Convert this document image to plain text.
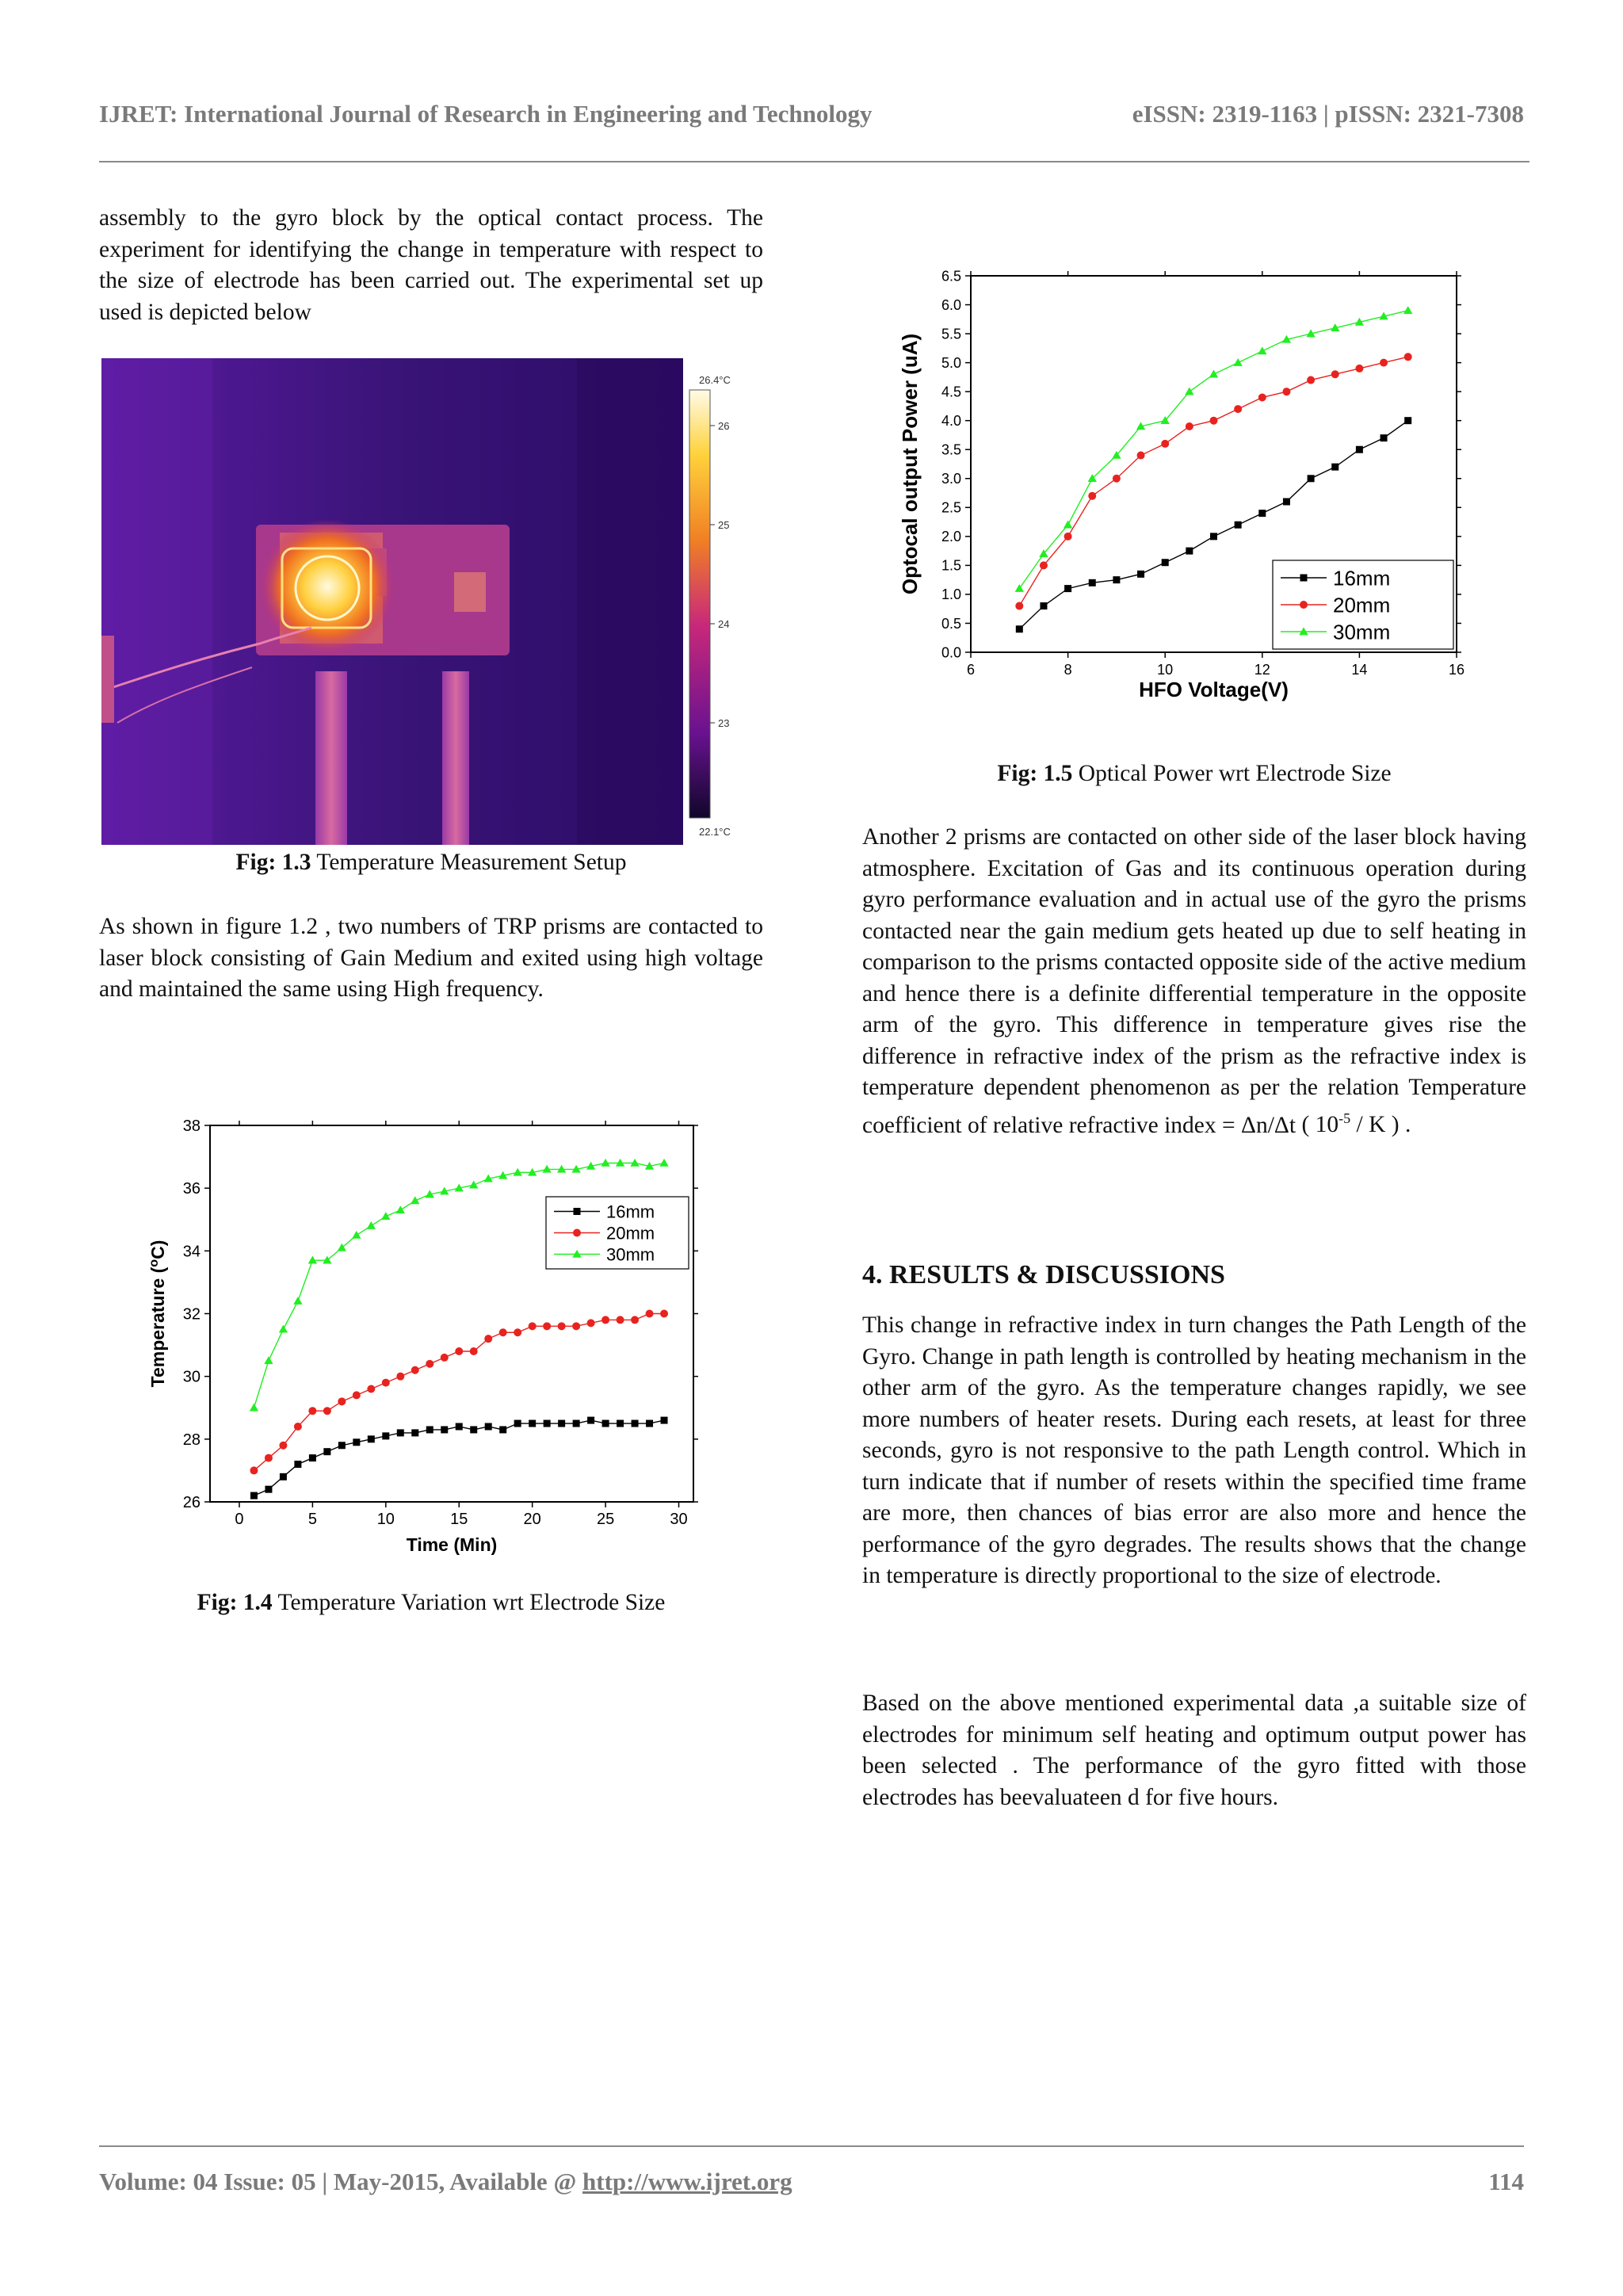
IJRET: International Journal of Research in Engineering and Technology	eISSN: 2319-1163 | pISSN: 2321-7308

assembly to the gyro block by the optical contact process. The experiment for identifying the change in temperature with respect to the size of electrode has been carried out. The experimental set up used is depicted below

26.4°C
22.1°C
26
25
24
23
Fig: 1.3 Temperature Measurement Setup

As shown in figure 1.2 , two numbers of TRP prisms are contacted to laser block consisting of Gain Medium and exited using high voltage and maintained the same using High frequency.

0	5	10	15	20	25	30
26
28
30
32
34
36
38
Time (Min)
Temperature ($^o$C)
16mm
20mm
30mm
Fig: 1.4 Temperature Variation wrt Electrode Size
6	8	10	12	14	16
0.0
0.5
1.0
1.5
2.0
2.5
3.0
3.5
4.0
4.5
5.0
5.5
6.0
6.5
HFO Voltage(V)
Optocal output Power (uA)	16mm
20mm
30mm
Fig: 1.5 Optical Power wrt Electrode Size
Another 2 prisms are contacted on other side of the laser block having atmosphere. Excitation of Gas and its continuous operation during gyro performance evaluation and in actual use of the gyro the prisms contacted near the gain medium gets heated up due to self heating in comparison to the prisms contacted opposite side of the active medium and hence there is a definite differential temperature in the opposite arm of the gyro. This difference in temperature gives rise the difference in refractive index of the prism as the refractive index is temperature dependent phenomenon as per the relation Temperature coefficient of relative refractive index = Δn/Δt ( $10^{-5}$ / K ) .
4. RESULTS & DISCUSSIONS

This change in refractive index in turn changes the Path Length of the Gyro. Change in path length is controlled by heating mechanism in the other arm of the gyro. As the temperature changes rapidly, we see more numbers of heater resets. During each resets, at least for three seconds, gyro is not responsive to the path Length control. Which in turn indicate that if number of resets within the specified time frame are more, then chances of bias error are also more and hence the performance of the gyro degrades. The results shows that the change in temperature is directly proportional to the size of electrode.

Based on the above mentioned experimental data ,a suitable size of electrodes for minimum self heating and optimum output power has been selected . The performance of the gyro fitted with those electrodes has beevaluateen d for five hours.

Volume: 04 Issue: 05 | May-2015, Available @ http://www.ijret.org	114
